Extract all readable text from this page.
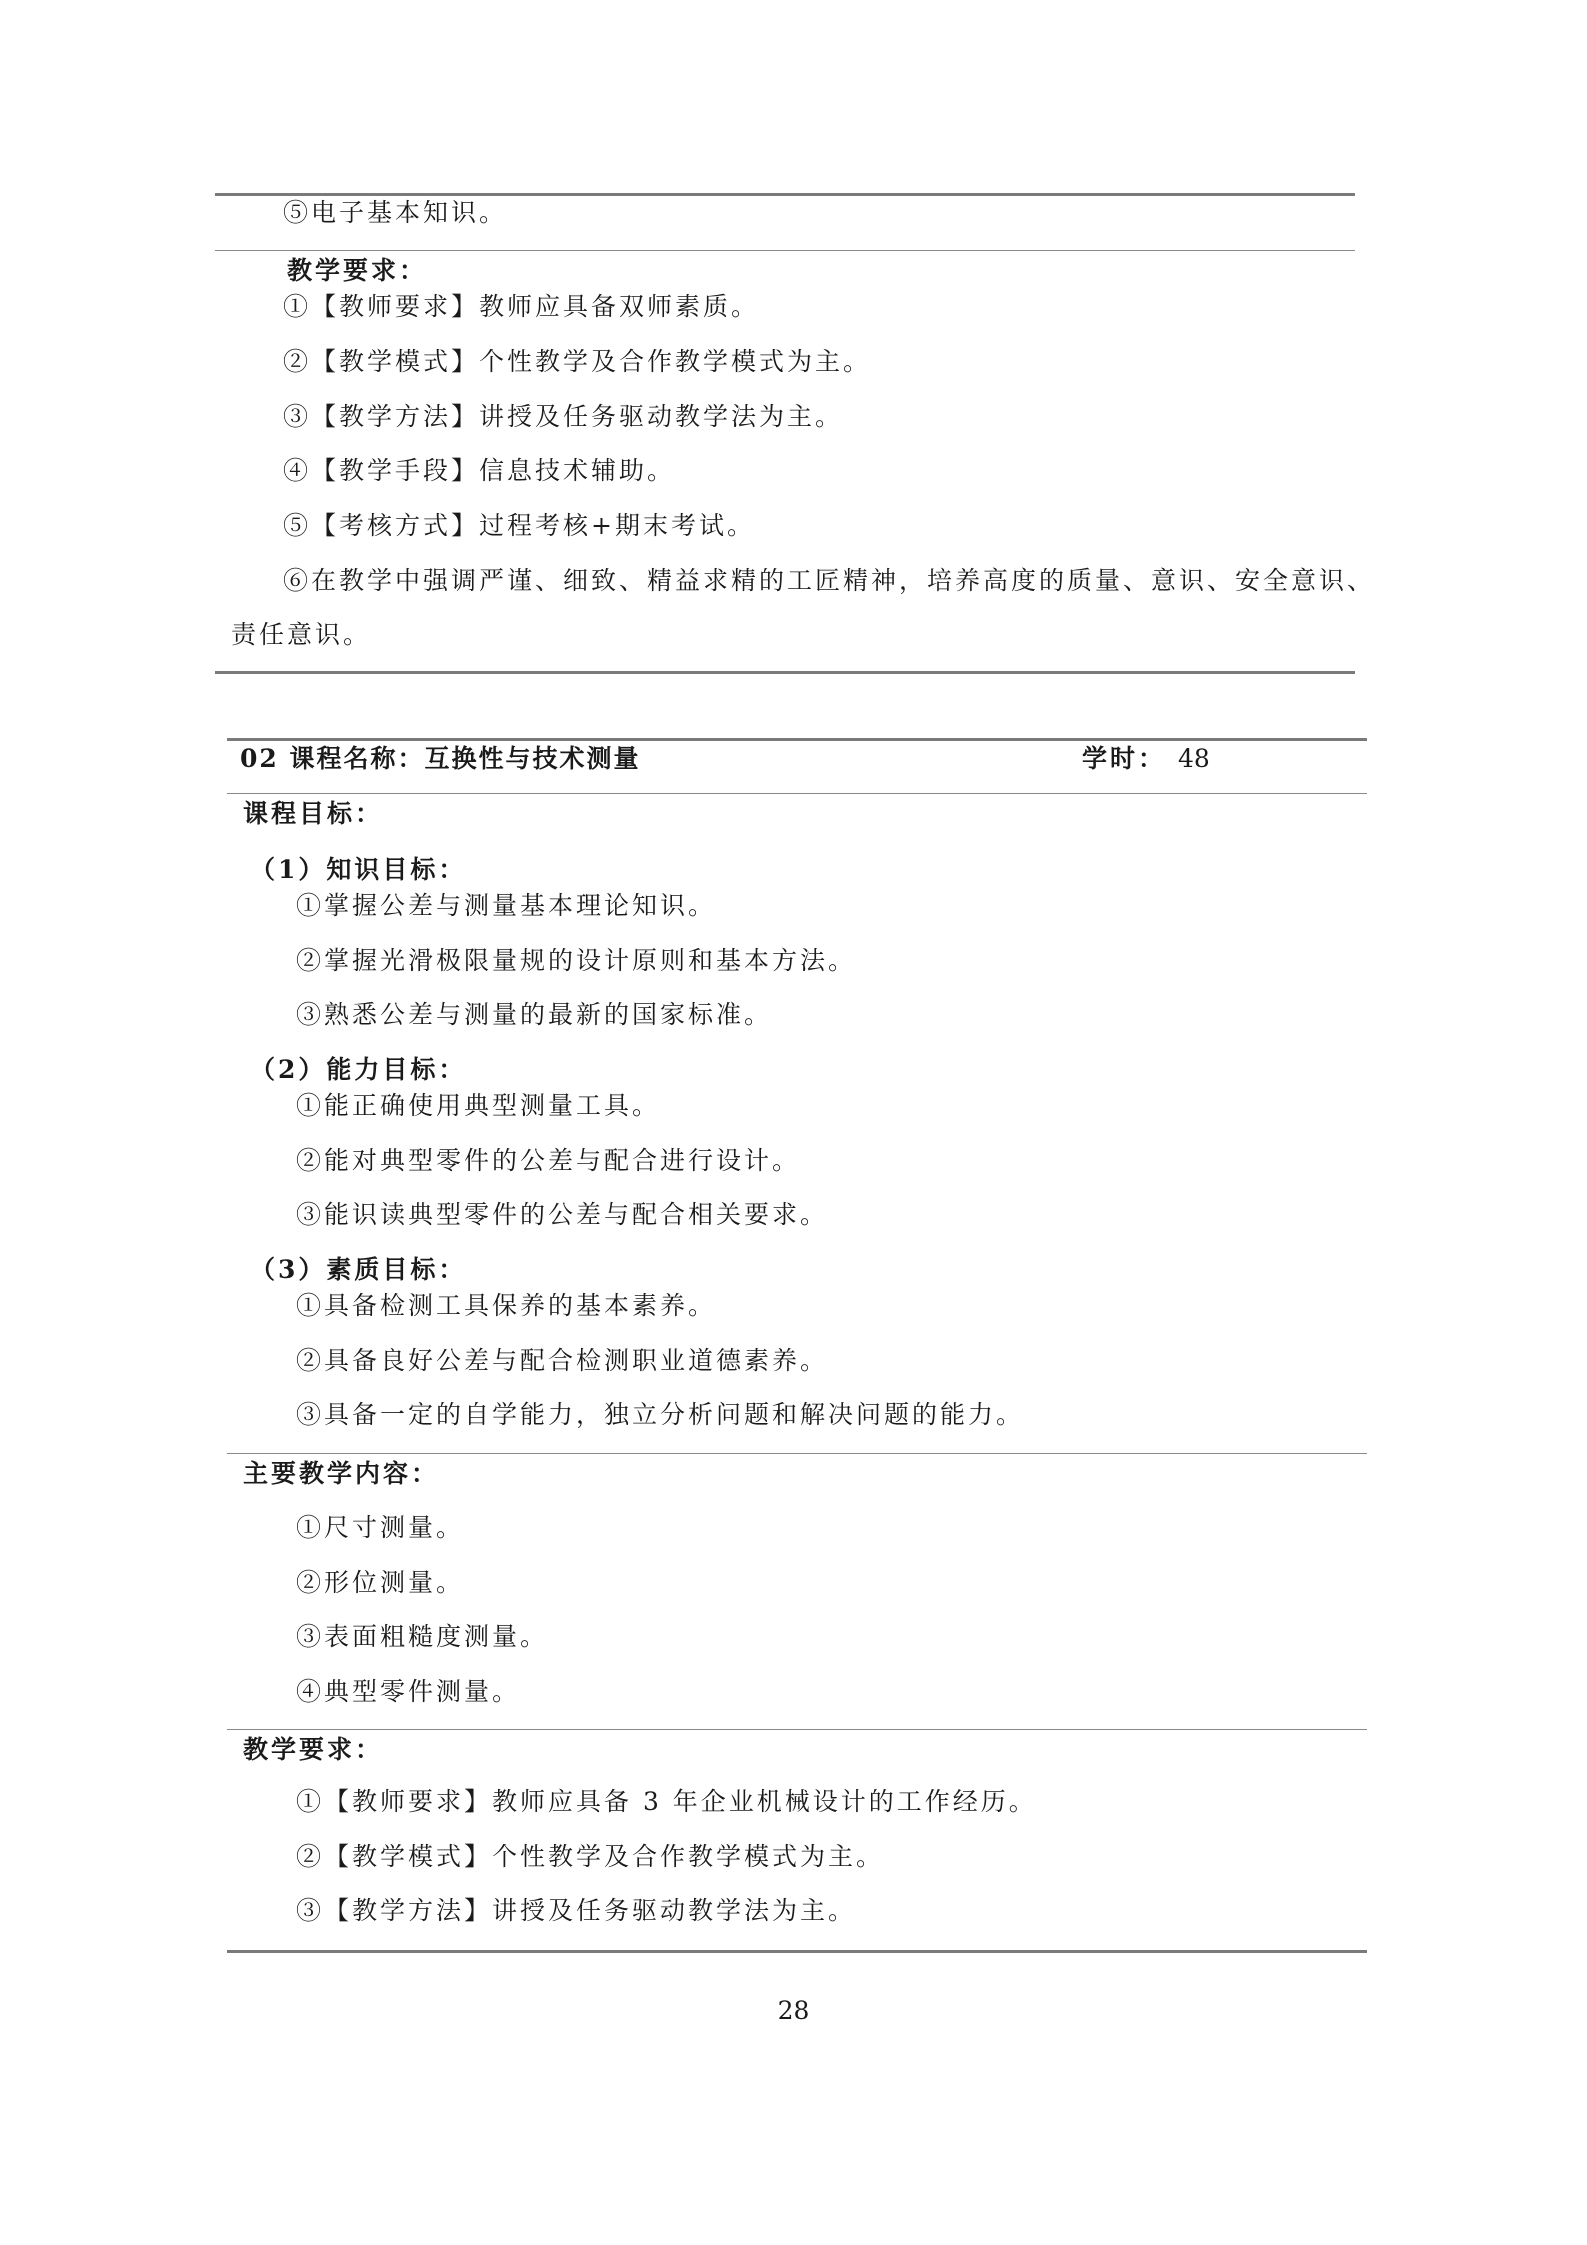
⑤电子基本知识。
教学要求：
①【教师要求】教师应具备双师素质。
②【教学模式】个性教学及合作教学模式为主。
③【教学方法】讲授及任务驱动教学法为主。
④【教学手段】信息技术辅助。
⑤【考核方式】过程考核+期末考试。
⑥在教学中强调严谨、细致、精益求精的工匠精神，培养高度的质量、意识、安全意识、
责任意识。
02 课程名称：互换性与技术测量	学时： 48
课程目标：
（1）知识目标：
①掌握公差与测量基本理论知识。
②掌握光滑极限量规的设计原则和基本方法。
③熟悉公差与测量的最新的国家标准。
（2）能力目标：
①能正确使用典型测量工具。
②能对典型零件的公差与配合进行设计。
③能识读典型零件的公差与配合相关要求。
（3）素质目标：
①具备检测工具保养的基本素养。
②具备良好公差与配合检测职业道德素养。
③具备一定的自学能力，独立分析问题和解决问题的能力。
主要教学内容：
①尺寸测量。
②形位测量。
③表面粗糙度测量。
④典型零件测量。
教学要求：
①【教师要求】教师应具备 3 年企业机械设计的工作经历。
②【教学模式】个性教学及合作教学模式为主。
③【教学方法】讲授及任务驱动教学法为主。
28
